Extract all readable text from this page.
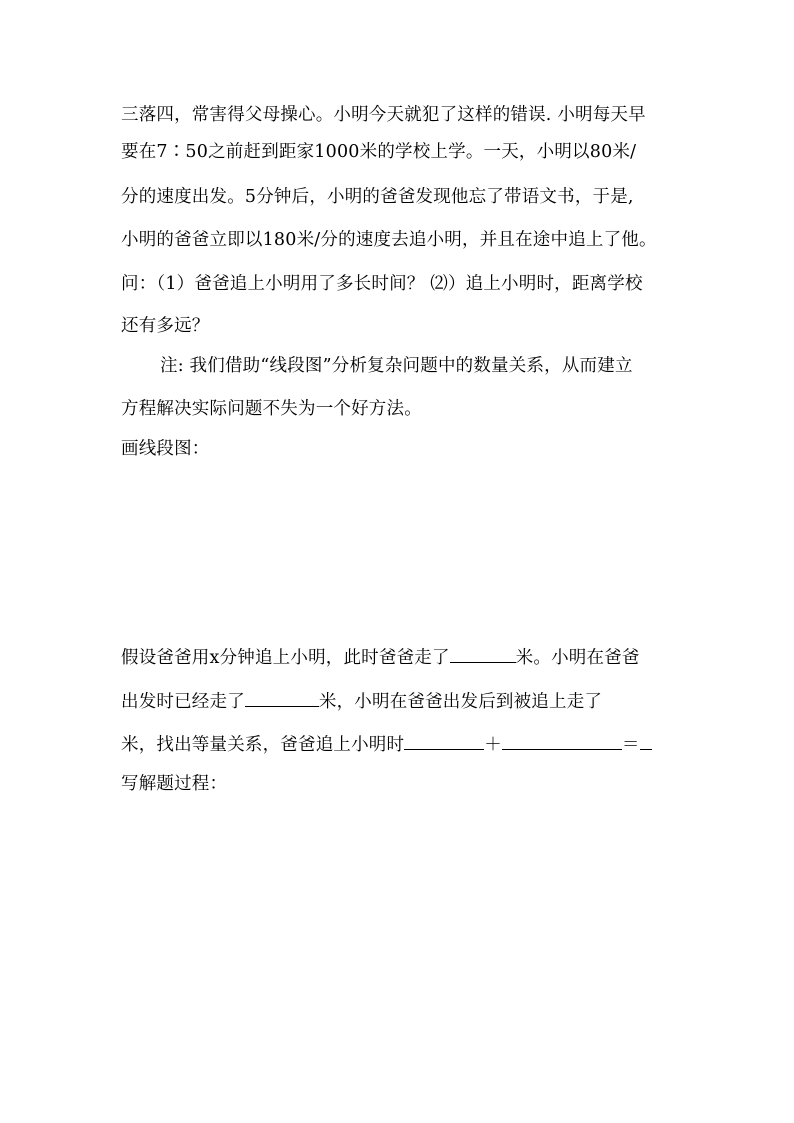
三落四，常害得父母操心。小明今天就犯了这样的错误. 小明每天早
要在7∶50之前赶到距家1000米的学校上学。一天，小明以80米/
分的速度出发。5分钟后，小明的爸爸发现他忘了带语文书，于是,
小明的爸爸立即以180米/分的速度去追小明，并且在途中追上了他。
问：（1）爸爸追上小明用了多长时间？ ⑵）追上小明时，距离学校
还有多远？
注: 我们借助“线段图”分析复杂问题中的数量关系，从而建立
方程解决实际问题不失为一个好方法。
画线段图：
假设爸爸用x分钟追上小明，此时爸爸走了	米。小明在爸爸
出发时已经走了	米，小明在爸爸出发后到被追上走了
米，找出等量关系，爸爸追上小明时	＋	＝
写解题过程：
